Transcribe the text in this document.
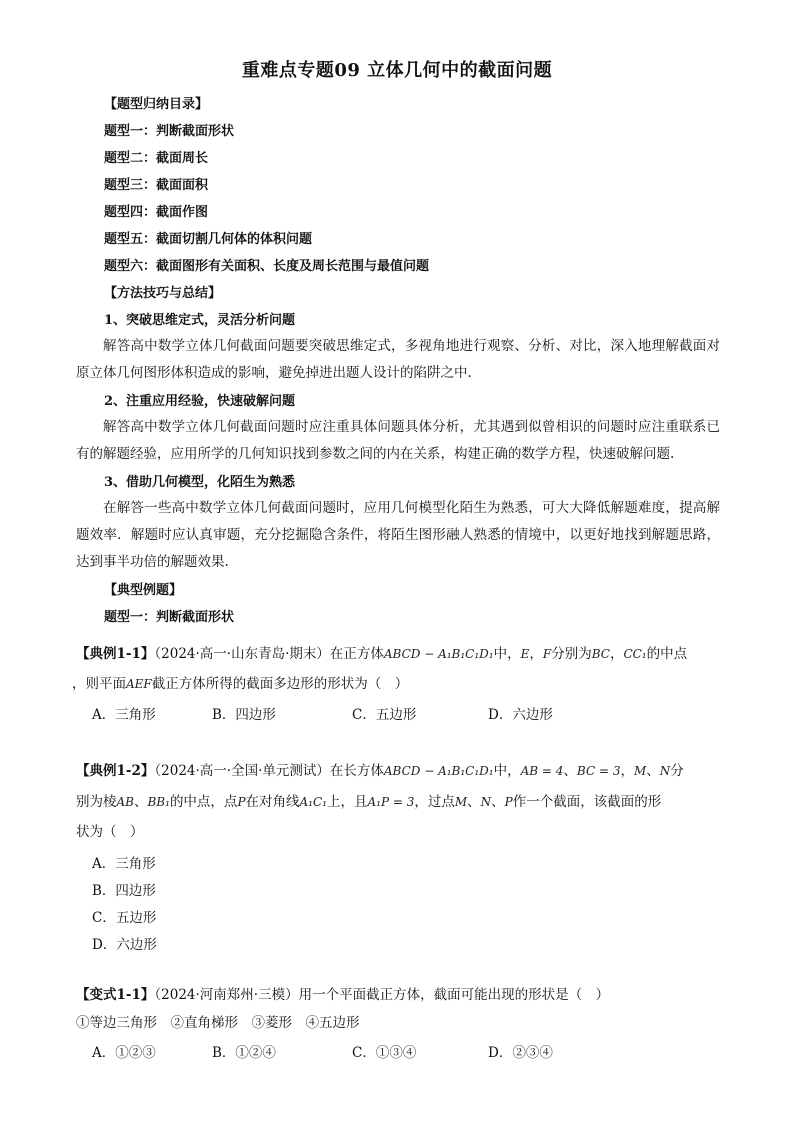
重难点专题09 立体几何中的截面问题
【题型归纳目录】
题型一：判断截面形状
题型二：截面周长
题型三：截面面积
题型四：截面作图
题型五：截面切割几何体的体积问题
题型六：截面图形有关面积、长度及周长范围与最值问题
【方法技巧与总结】
1、突破思维定式，灵活分析问题
解答高中数学立体几何截面问题要突破思维定式，多视角地进行观察、分析、对比，深入地理解截面对原立体几何图形体积造成的影响，避免掉进出题人设计的陷阱之中.
2、注重应用经验，快速破解问题
解答高中数学立体几何截面问题时应注重具体问题具体分析，尤其遇到似曾相识的问题时应注重联系已有的解题经验，应用所学的几何知识找到参数之间的内在关系，构建正确的数学方程，快速破解问题.
3、借助几何模型，化陌生为熟悉
在解答一些高中数学立体几何截面问题时，应用几何模型化陌生为熟悉，可大大降低解题难度，提高解题效率．解题时应认真审题，充分挖掘隐含条件，将陌生图形融人熟悉的情境中，以更好地找到解题思路，达到事半功倍的解题效果.
【典型例题】
题型一：判断截面形状
【典例1-1】（2024·高一·山东青岛·期末）在正方体ABCD − A₁B₁C₁D₁中，E，F分别为BC，CC₁的中点
，则平面AEF截正方体所得的截面多边形的形状为（　）
A．三角形	B．四边形	C．五边形	D．六边形
【典例1-2】（2024·高一·全国·单元测试）在长方体ABCD − A₁B₁C₁D₁中，AB = 4、BC = 3，M、N分
别为棱AB、BB₁的中点，点P在对角线A₁C₁上，且A₁P = 3，过点M、N、P作一个截面，该截面的形
状为（　）
A．三角形
B．四边形
C．五边形
D．六边形
【变式1-1】（2024·河南郑州·三模）用一个平面截正方体，截面可能出现的形状是（　）
①等边三角形　②直角梯形　③菱形　④五边形
A．①②③	B．①②④	C．①③④	D．②③④
